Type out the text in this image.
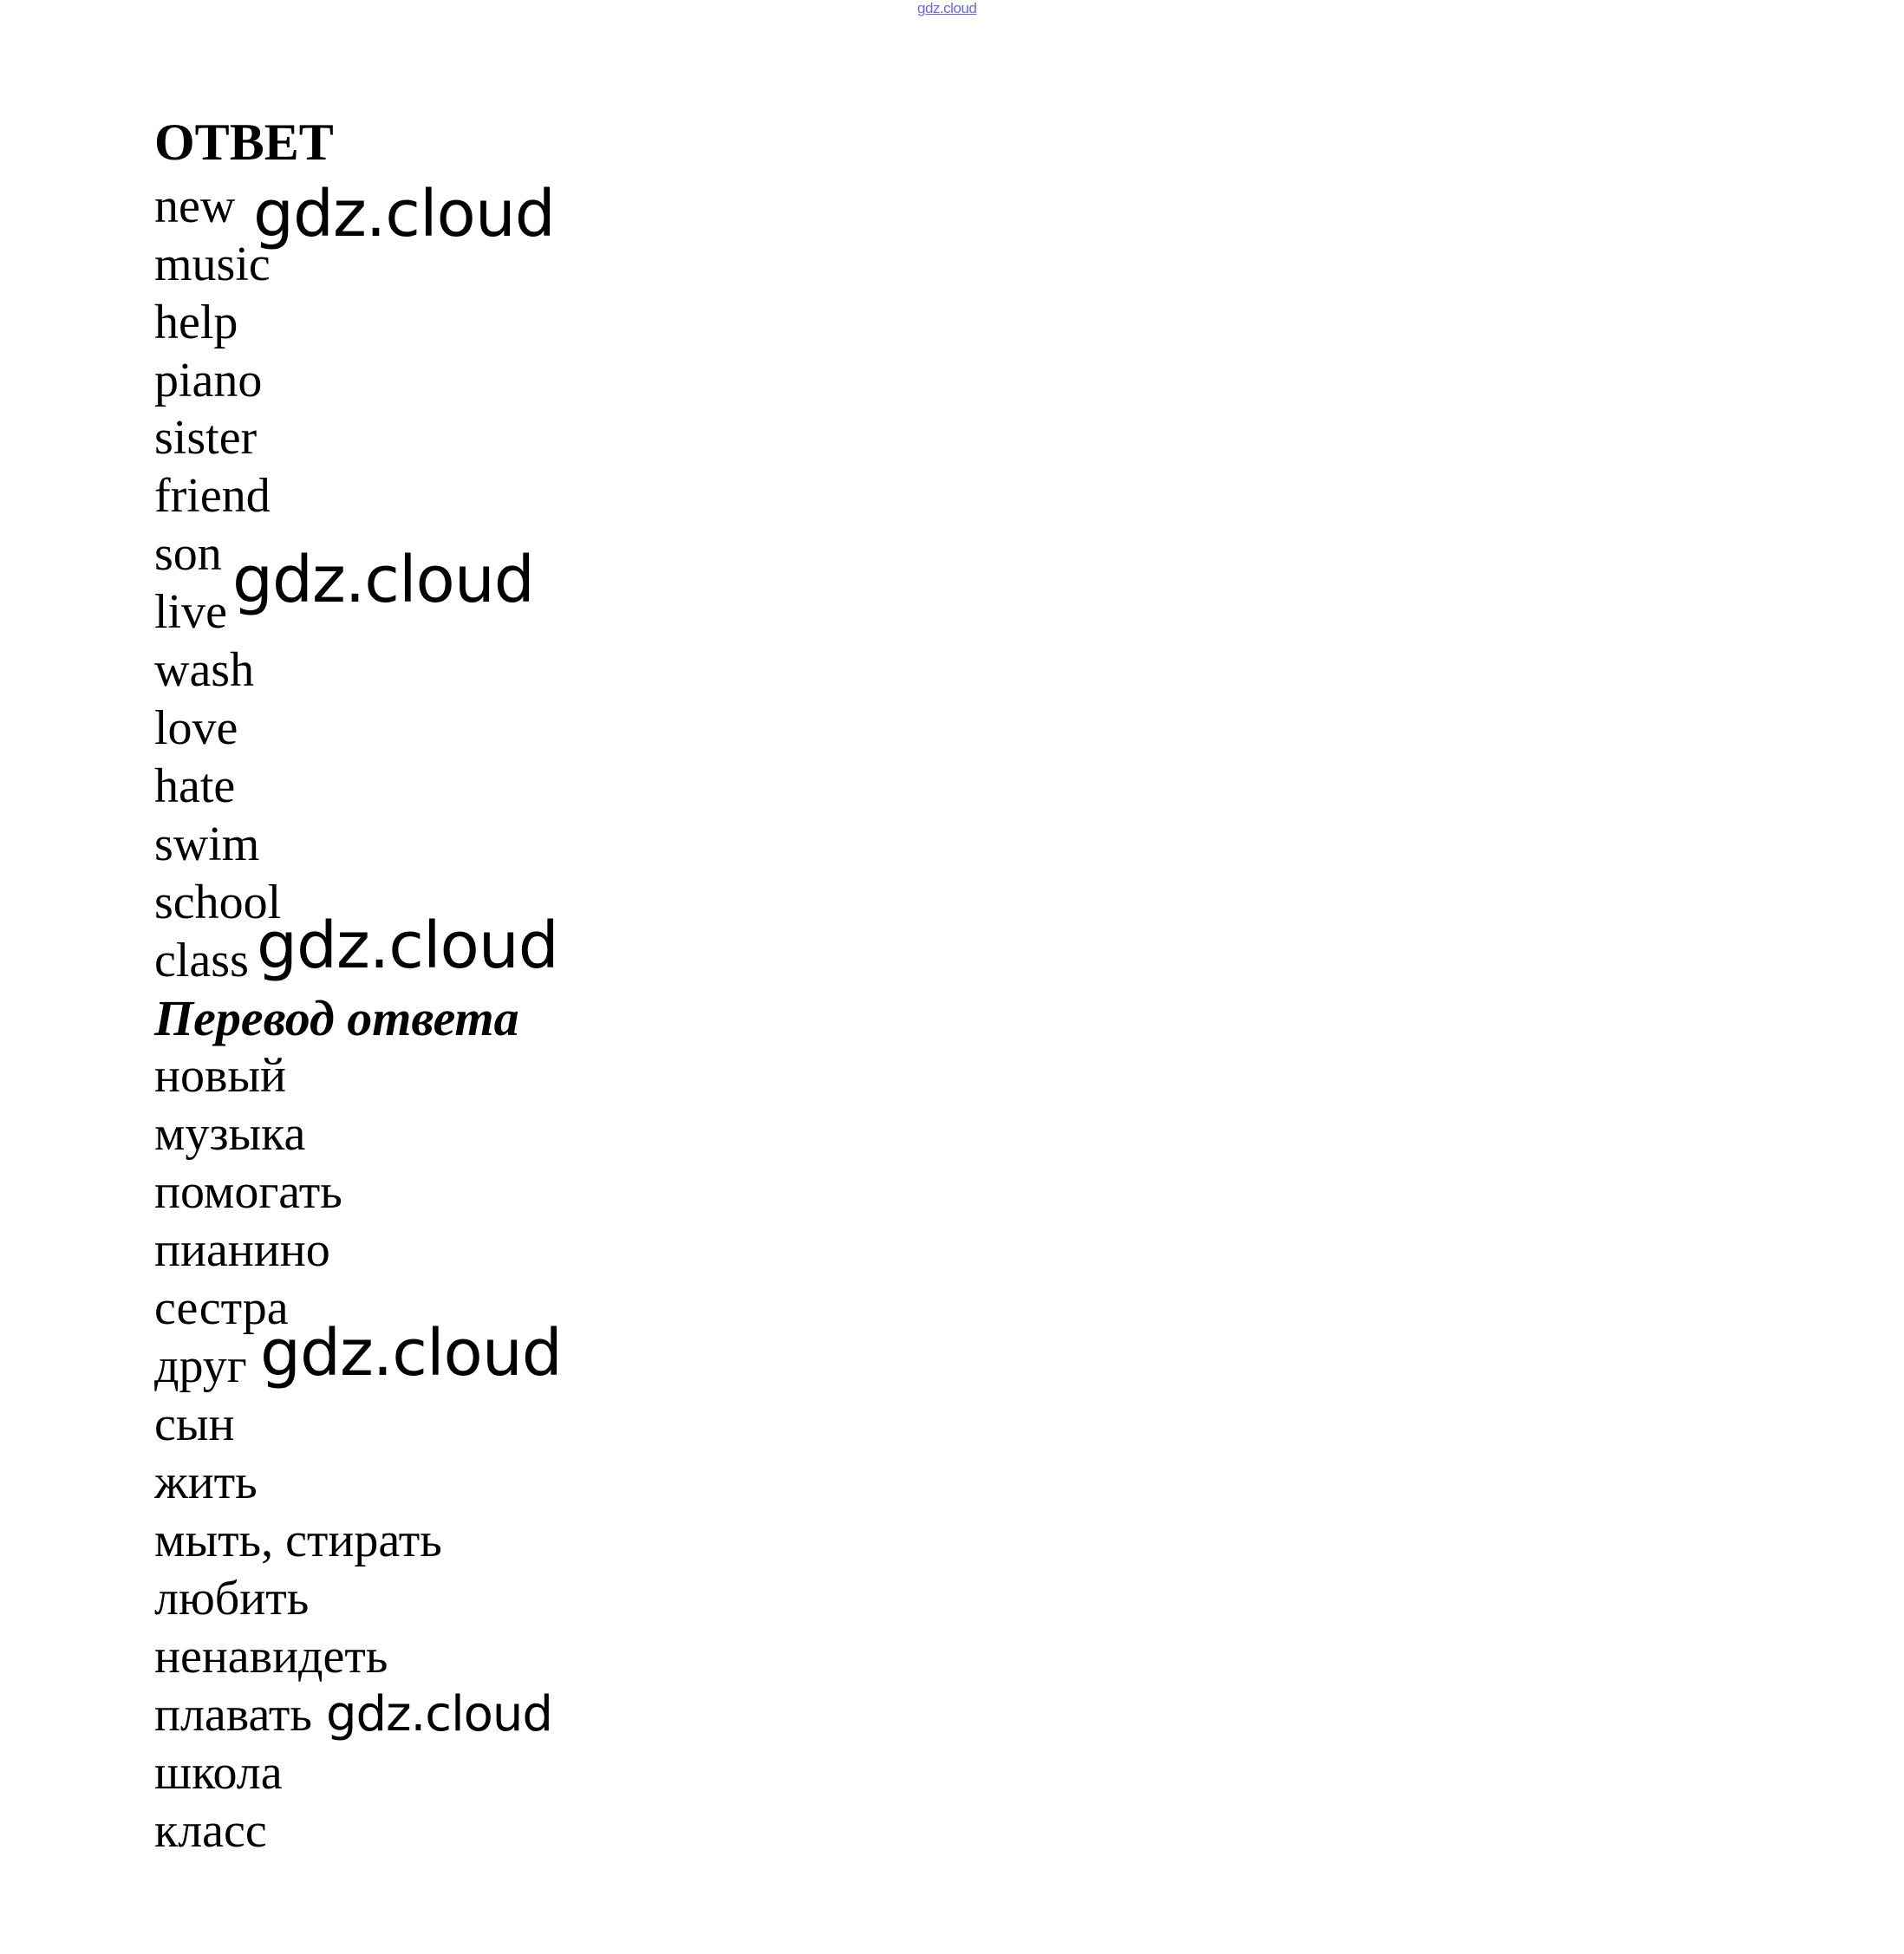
gdz.cloud
ОТВЕТ
new
music
help
piano
sister
friend
son
live
wash
love
hate
swim
school
class
Перевод ответа
новый
музыка
помогать
пианино
сестра
друг
сын
жить
мыть, стирать
любить
ненавидеть
плавать
школа
класс
gdz.cloud
gdz.cloud
gdz.cloud
gdz.cloud
gdz.cloud
